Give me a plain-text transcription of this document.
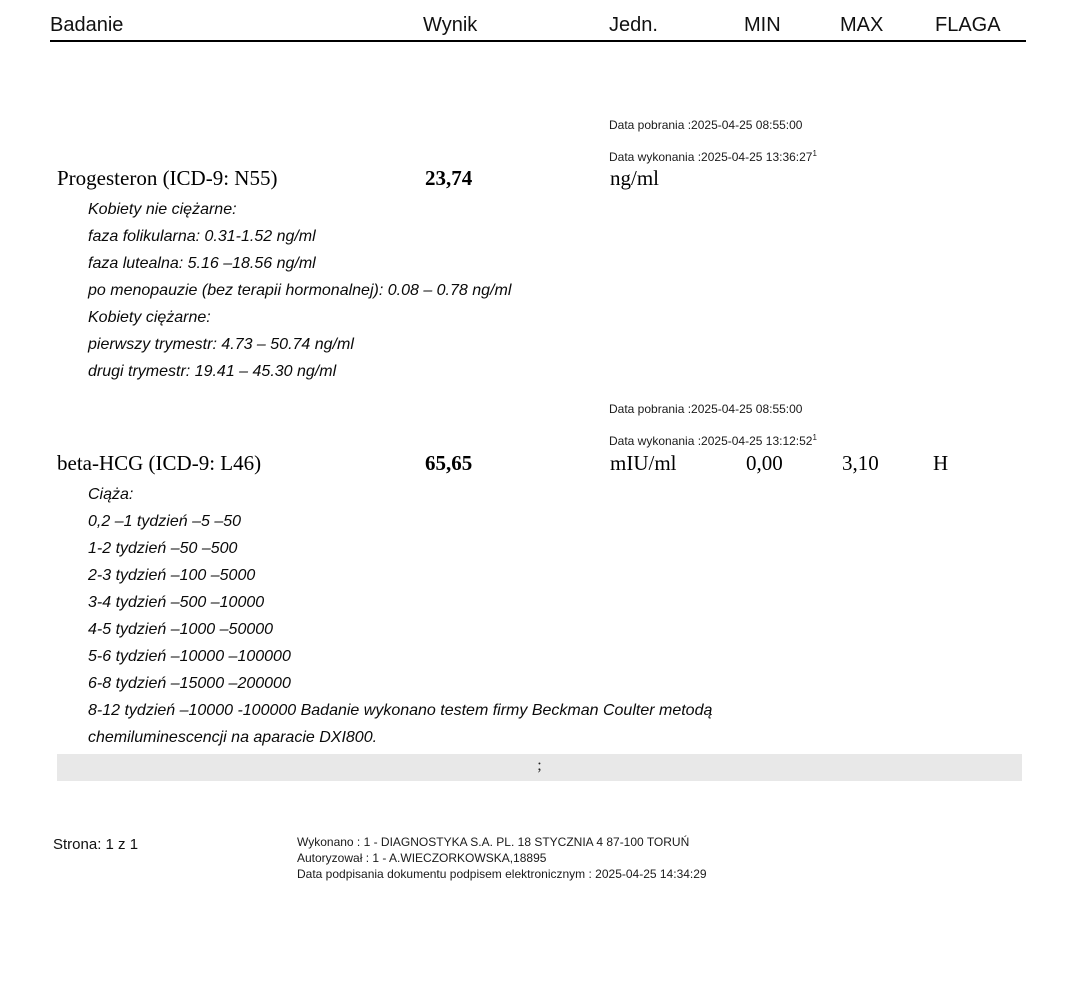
Badanie	Wynik	Jedn.	MIN	MAX	FLAGA
Data pobrania :2025-04-25 08:55:00
Data wykonania :2025-04-25 $13:36:27^1$
Progesteron (ICD-9: N55)	23,74	ng/ml
Kobiety nie ciężarne:
faza folikularna: 0.31-1.52 ng/ml
faza lutealna: 5.16 –18.56 ng/ml
po menopauzie (bez terapii hormonalnej): 0.08 – 0.78 ng/ml
Kobiety ciężarne:
pierwszy trymestr: 4.73 – 50.74 ng/ml
drugi trymestr: 19.41 – 45.30 ng/ml
Data pobrania :2025-04-25 08:55:00
Data wykonania :2025-04-25 $13:12:52^1$
beta-HCG (ICD-9: L46)	65,65	mIU/ml	0,00	3,10	H
Ciąża:
0,2 –1 tydzień –5 –50
1-2 tydzień –50 –500
2-3 tydzień –100 –5000
3-4 tydzień –500 –10000
4-5 tydzień –1000 –50000
5-6 tydzień –10000 –100000
6-8 tydzień –15000 –200000
8-12 tydzień –10000 -100000 Badanie wykonano testem firmy Beckman Coulter metodą
chemiluminescencji na aparacie DXI800.
;
Strona: 1 z 1	Wykonano : 1 - DIAGNOSTYKA S.A. PL. 18 STYCZNIA 4 87-100 TORUŃ
Autoryzował : 1 - A.WIECZORKOWSKA,18895
Data podpisania dokumentu podpisem elektronicznym : 2025-04-25 14:34:29
